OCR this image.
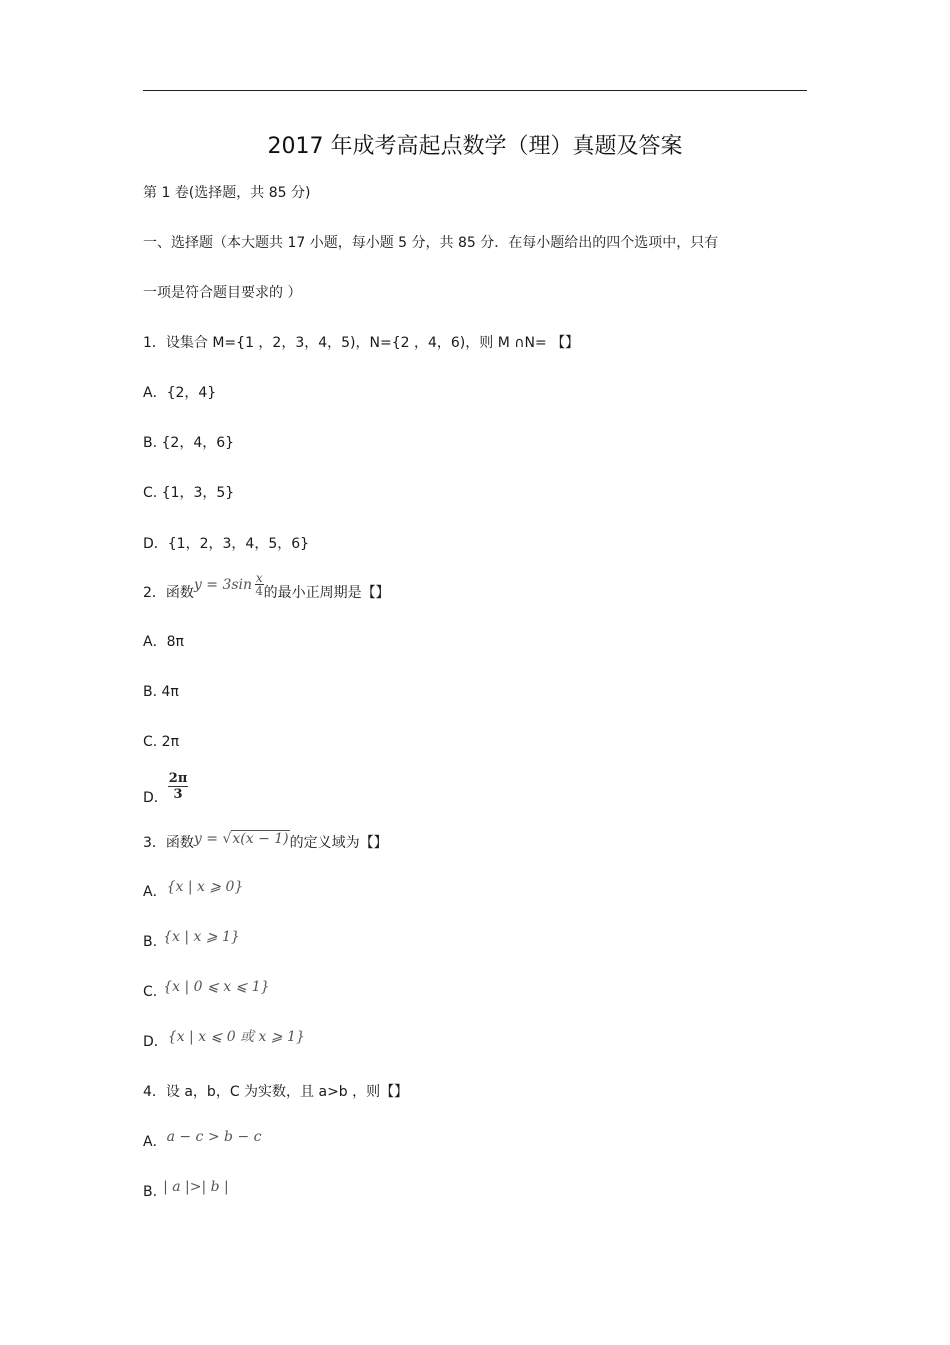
2017 年成考高起点数学（理）真题及答案
第 1 卷(选择题，共 85 分)
一、选择题（本大题共 17 小题，每小题 5 分，共 85 分．在每小题给出的四个选项中，只有
一项是符合题目要求的 ）
1．设集合 M={1 ，2，3，4，5)，N={2 ，4，6)，则 M ∩N= 【】
A．{2，4}
B. {2，4，6}
C. {1，3，5}
D．{1，2，3，4，5，6}
2．函数$y = 3\sin \frac{x}{4}$ 的最小正周期是【】
A．8π
B. 4π
C. 2π
D． $\frac{2\pi}{3}$
3．函数y = √x(x − 1)的定义域为【】
A．{x | x ⩾ 0}
B. {x | x ⩾ 1}
C. {x | 0 ⩽ x ⩽ 1}
D．{x | x ⩽ 0 或 x ⩾ 1}
4．设 a，b，C 为实数，且 a>b ，则【】
A．a − c > b − c
B. | a |>| b |
